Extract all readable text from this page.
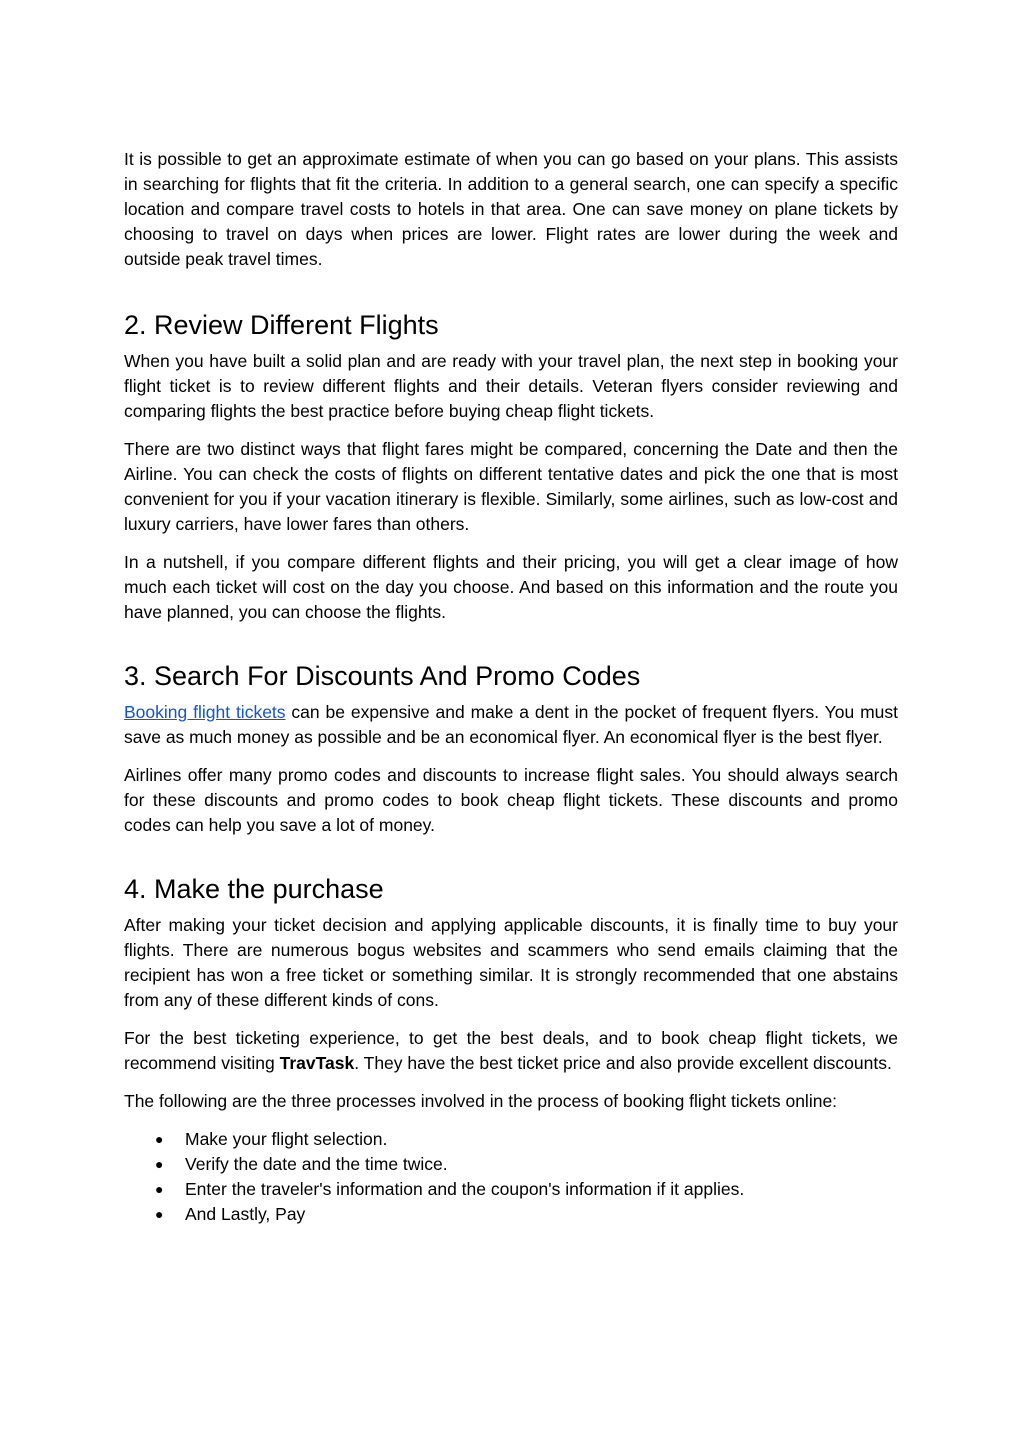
It is possible to get an approximate estimate of when you can go based on your plans. This assists in searching for flights that fit the criteria. In addition to a general search, one can specify a specific location and compare travel costs to hotels in that area. One can save money on plane tickets by choosing to travel on days when prices are lower. Flight rates are lower during the week and outside peak travel times.

2. Review Different Flights

When you have built a solid plan and are ready with your travel plan, the next step in booking your flight ticket is to review different flights and their details. Veteran flyers consider reviewing and comparing flights the best practice before buying cheap flight tickets.

There are two distinct ways that flight fares might be compared, concerning the Date and then the Airline. You can check the costs of flights on different tentative dates and pick the one that is most convenient for you if your vacation itinerary is flexible. Similarly, some airlines, such as low-cost and luxury carriers, have lower fares than others.

In a nutshell, if you compare different flights and their pricing, you will get a clear image of how much each ticket will cost on the day you choose. And based on this information and the route you have planned, you can choose the flights.

3. Search For Discounts And Promo Codes

Booking flight tickets can be expensive and make a dent in the pocket of frequent flyers. You must save as much money as possible and be an economical flyer. An economical flyer is the best flyer.

Airlines offer many promo codes and discounts to increase flight sales. You should always search for these discounts and promo codes to book cheap flight tickets. These discounts and promo codes can help you save a lot of money.

4. Make the purchase

After making your ticket decision and applying applicable discounts, it is finally time to buy your flights. There are numerous bogus websites and scammers who send emails claiming that the recipient has won a free ticket or something similar. It is strongly recommended that one abstains from any of these different kinds of cons.

For the best ticketing experience, to get the best deals, and to book cheap flight tickets, we recommend visiting TravTask. They have the best ticket price and also provide excellent discounts.

The following are the three processes involved in the process of booking flight tickets online:

● Make your flight selection.
● Verify the date and the time twice.
● Enter the traveler's information and the coupon's information if it applies.
● And Lastly, Pay
